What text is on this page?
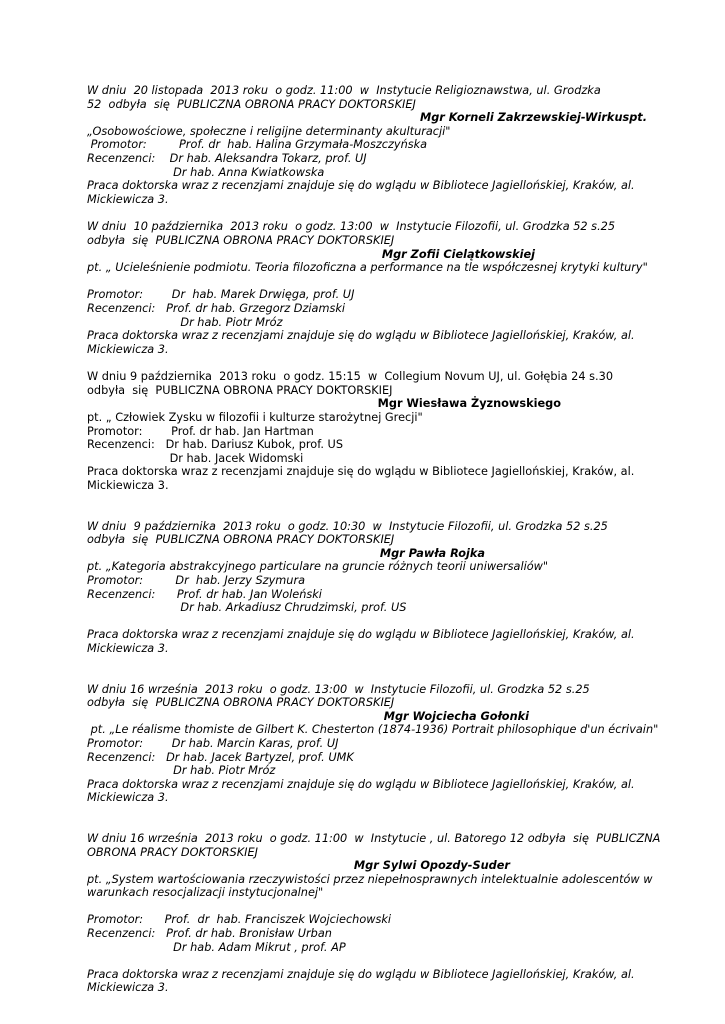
W dniu  20 listopada  2013 roku  o godz. 11:00  w  Instytucie Religioznawstwa, ul. Grodzka
52  odbyła  się  PUBLICZNA OBRONA PRACY DOKTORSKIEJ
Mgr Korneli Zakrzewskiej-Wirkuspt.
„Osobowościowe, społeczne i religijne determinanty akulturacji"
Promotor:         Prof. dr  hab. Halina Grzymała-Moszczyńska
Recenzenci:    Dr hab. Aleksandra Tokarz, prof. UJ
Dr hab. Anna Kwiatkowska
Praca doktorska wraz z recenzjami znajduje się do wglądu w Bibliotece Jagiellońskiej, Kraków, al.
Mickiewicza 3.
W dniu  10 października  2013 roku  o godz. 13:00  w  Instytucie Filozofii, ul. Grodzka 52 s.25
odbyła  się  PUBLICZNA OBRONA PRACY DOKTORSKIEJ
Mgr Zofii Cielątkowskiej
pt. „ Ucieleśnienie podmiotu. Teoria filozoficzna a performance na tle współczesnej krytyki kultury"
Promotor:        Dr  hab. Marek Drwięga, prof. UJ
Recenzenci:   Prof. dr hab. Grzegorz Dziamski
Dr hab. Piotr Mróz
Praca doktorska wraz z recenzjami znajduje się do wglądu w Bibliotece Jagiellońskiej, Kraków, al.
Mickiewicza 3.
W dniu 9 października  2013 roku  o godz. 15:15  w  Collegium Novum UJ, ul. Gołębia 24 s.30
odbyła  się  PUBLICZNA OBRONA PRACY DOKTORSKIEJ
Mgr Wiesława Żyznowskiego
pt. „ Człowiek Zysku w filozofii i kulturze starożytnej Grecji"
Promotor:        Prof. dr hab. Jan Hartman
Recenzenci:   Dr hab. Dariusz Kubok, prof. US
Dr hab. Jacek Widomski
Praca doktorska wraz z recenzjami znajduje się do wglądu w Bibliotece Jagiellońskiej, Kraków, al.
Mickiewicza 3.
W dniu  9 października  2013 roku  o godz. 10:30  w  Instytucie Filozofii, ul. Grodzka 52 s.25
odbyła  się  PUBLICZNA OBRONA PRACY DOKTORSKIEJ
Mgr Pawła Rojka
pt. „Kategoria abstrakcyjnego particulare na gruncie różnych teorii uniwersaliów"
Promotor:         Dr  hab. Jerzy Szymura
Recenzenci:      Prof. dr hab. Jan Woleński
Dr hab. Arkadiusz Chrudzimski, prof. US
Praca doktorska wraz z recenzjami znajduje się do wglądu w Bibliotece Jagiellońskiej, Kraków, al.
Mickiewicza 3.
W dniu 16 września  2013 roku  o godz. 13:00  w  Instytucie Filozofii, ul. Grodzka 52 s.25
odbyła  się  PUBLICZNA OBRONA PRACY DOKTORSKIEJ
Mgr Wojciecha Gołonki
pt. „Le réalisme thomiste de Gilbert K. Chesterton (1874-1936) Portrait philosophique d'un écrivain"
Promotor:        Dr hab. Marcin Karas, prof. UJ
Recenzenci:   Dr hab. Jacek Bartyzel, prof. UMK
Dr hab. Piotr Mróz
Praca doktorska wraz z recenzjami znajduje się do wglądu w Bibliotece Jagiellońskiej, Kraków, al.
Mickiewicza 3.
W dniu 16 września  2013 roku  o godz. 11:00  w  Instytucie , ul. Batorego 12 odbyła  się  PUBLICZNA
OBRONA PRACY DOKTORSKIEJ
Mgr Sylwi Opozdy-Suder
pt. „System wartościowania rzeczywistości przez niepełnosprawnych intelektualnie adolescentów w
warunkach resocjalizacji instytucjonalnej"
Promotor:      Prof.  dr  hab. Franciszek Wojciechowski
Recenzenci:   Prof. dr hab. Bronisław Urban
Dr hab. Adam Mikrut , prof. AP
Praca doktorska wraz z recenzjami znajduje się do wglądu w Bibliotece Jagiellońskiej, Kraków, al.
Mickiewicza 3.
